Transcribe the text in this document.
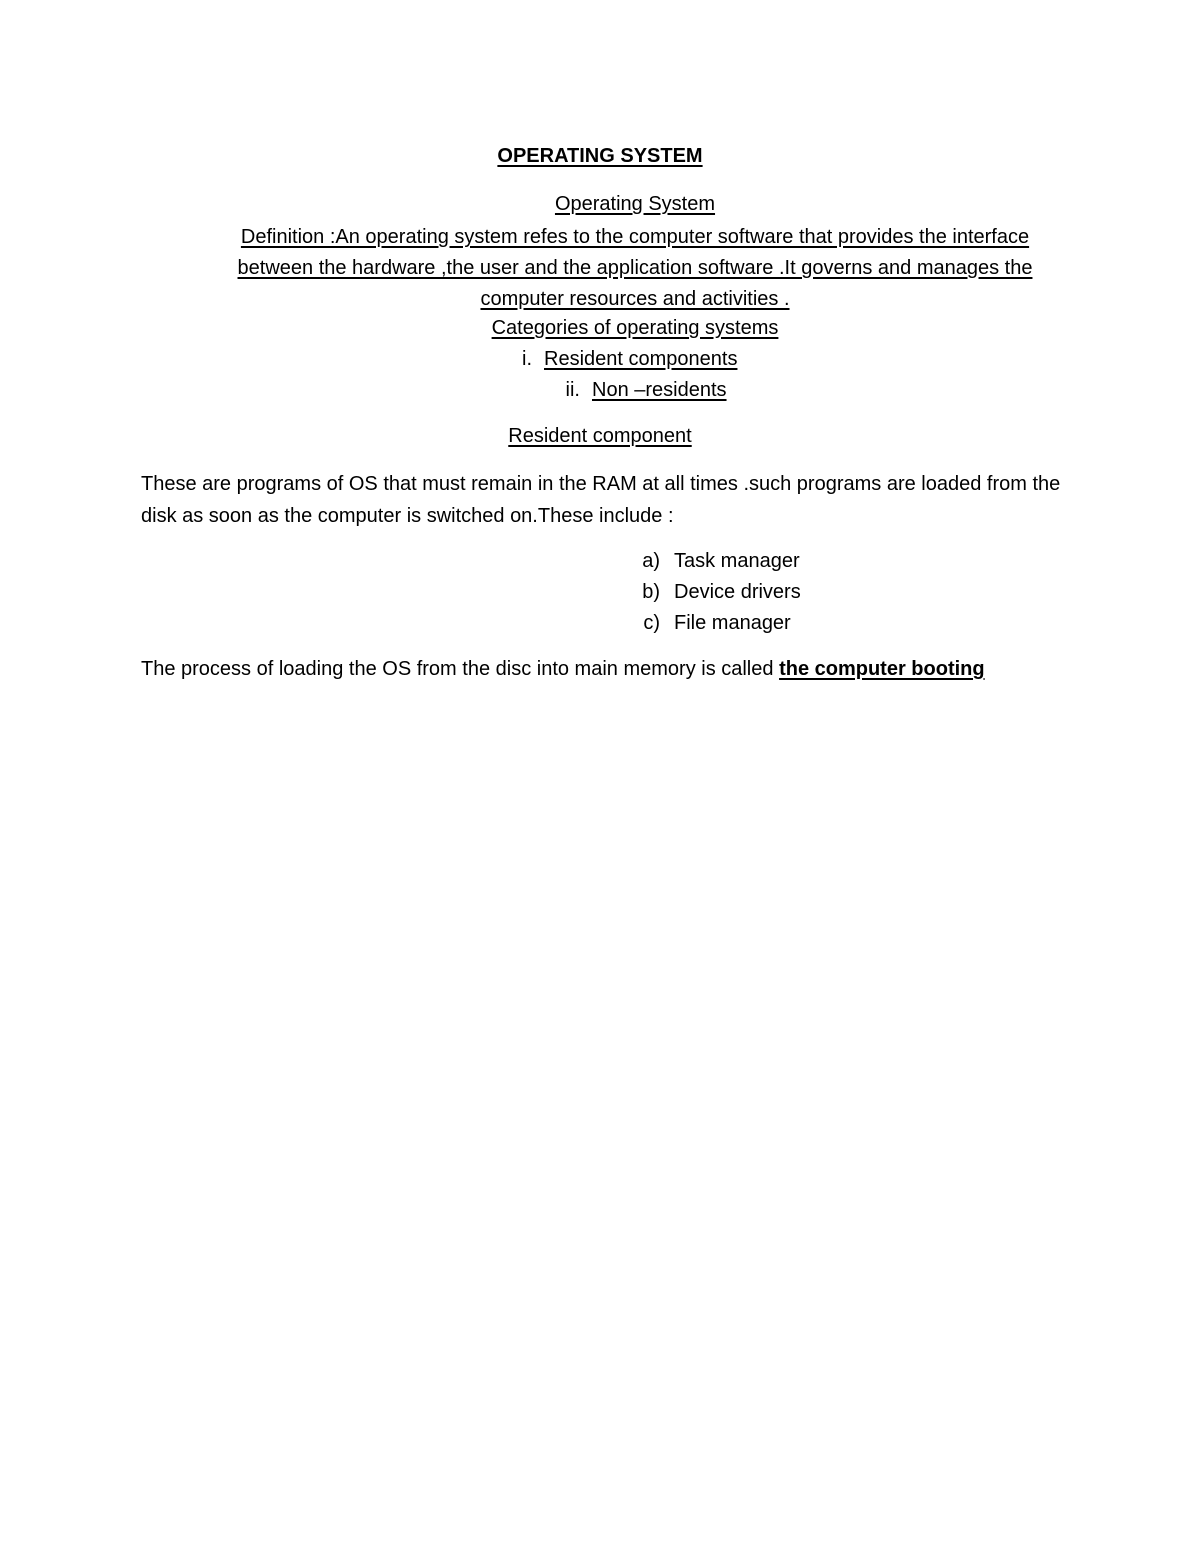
OPERATING SYSTEM
Operating System
Definition :An operating system refes to the computer software that provides the interface between the hardware ,the user and the application software .It governs and manages the computer resources and activities .
Categories of operating systems
i. Resident components
ii. Non –residents
Resident component
These are programs of OS that must remain in the RAM at all times .such programs are loaded from the disk as soon as the computer is switched on.These include :
a) Task manager
b) Device drivers
c) File manager
The process of loading the OS from the disc into main memory is called the computer booting
